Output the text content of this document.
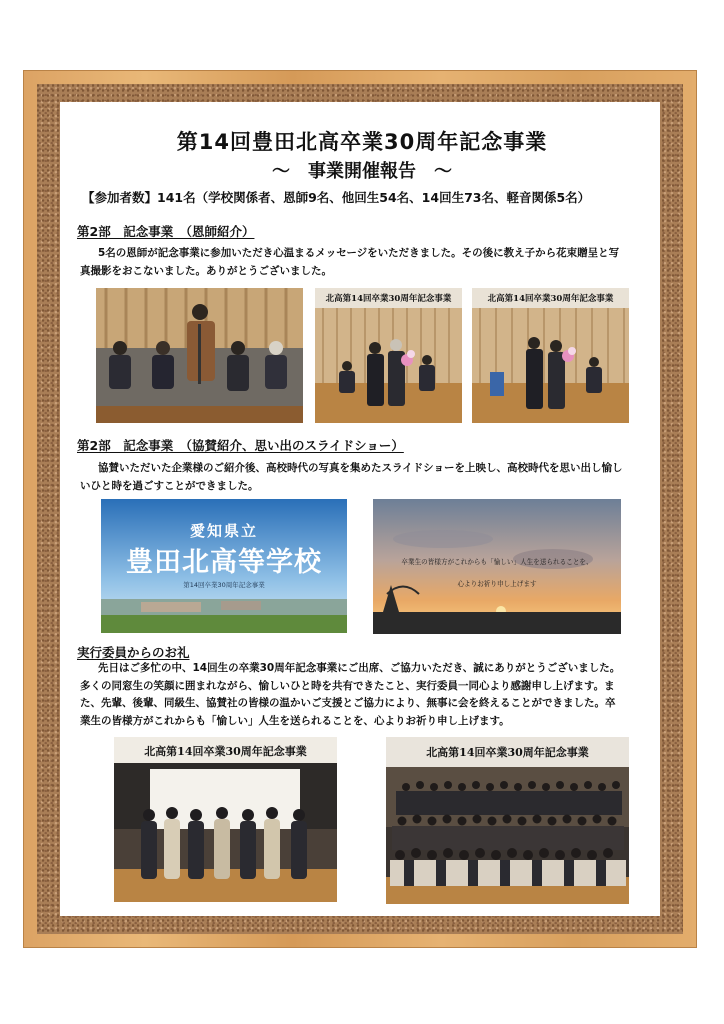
第14回豊田北高卒業30周年記念事業
～　事業開催報告　～
【参加者数】141名（学校関係者、恩師9名、他回生54名、14回生73名、軽音関係5名）
第2部　記念事業　（恩師紹介）
5名の恩師が記念事業に参加いただき心温まるメッセージをいただきました。その後に教え子から花束贈呈と写真撮影をおこないました。ありがとうございました。
北高第14回卒業30周年記念事業	北高第14回卒業30周年記念事業
第2部　記念事業　（協賛紹介、思い出のスライドショー）
協賛いただいた企業様のご紹介後、高校時代の写真を集めたスライドショーを上映し、高校時代を思い出し愉しいひと時を過ごすことができました。
愛知県立
豊田北高等学校
第14回卒業30周年記念事業
卒業生の皆様方がこれからも「愉しい」人生を送られることを、
心よりお祈り申し上げます
実行委員からのお礼
先日はご多忙の中、14回生の卒業30周年記念事業にご出席、ご協力いただき、誠にありがとうございました。多くの同窓生の笑顔に囲まれながら、愉しいひと時を共有できたこと、実行委員一同心より感謝申し上げます。また、先輩、後輩、同級生、協賛社の皆様の温かいご支援とご協力により、無事に会を終えることができました。卒業生の皆様方がこれからも「愉しい」人生を送られることを、心よりお祈り申し上げます。
北高第14回卒業30周年記念事業	北高第14回卒業30周年記念事業
